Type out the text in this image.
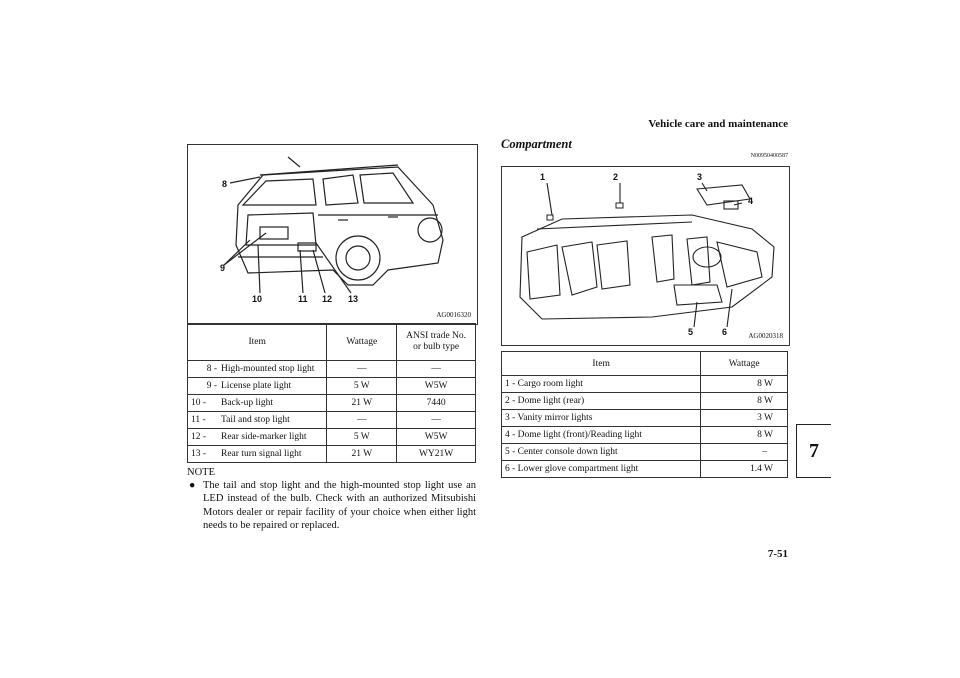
Vehicle care and maintenance
7-51
7
8
9
10	11 12 13
AG0016320
Item	Wattage	ANSI trade No.
or bulb type
8 - High-mounted stop light	—	—
9 - License plate light	5 W	W5W
10 - Back-up light	21 W	7440
11 - Tail and stop light	—	—
12 - Rear side-marker light	5 W	W5W
13 - Rear turn signal light	21 W	WY21W
NOTE
● The tail and stop light and the high-mounted stop light use an LED instead of the bulb. Check with an authorized Mitsubishi Motors dealer or repair facility of your choice when either light needs to be repaired or replaced.
Compartment
N00950400587
1	2	3
4
5	6	AG0020318
Item	Wattage
1 - Cargo room light	8 W
2 - Dome light (rear)	8 W
3 - Vanity mirror lights	3 W
4 - Dome light (front)/Reading light	8 W
5 - Center console down light	–
6 - Lower glove compartment light	1.4 W
